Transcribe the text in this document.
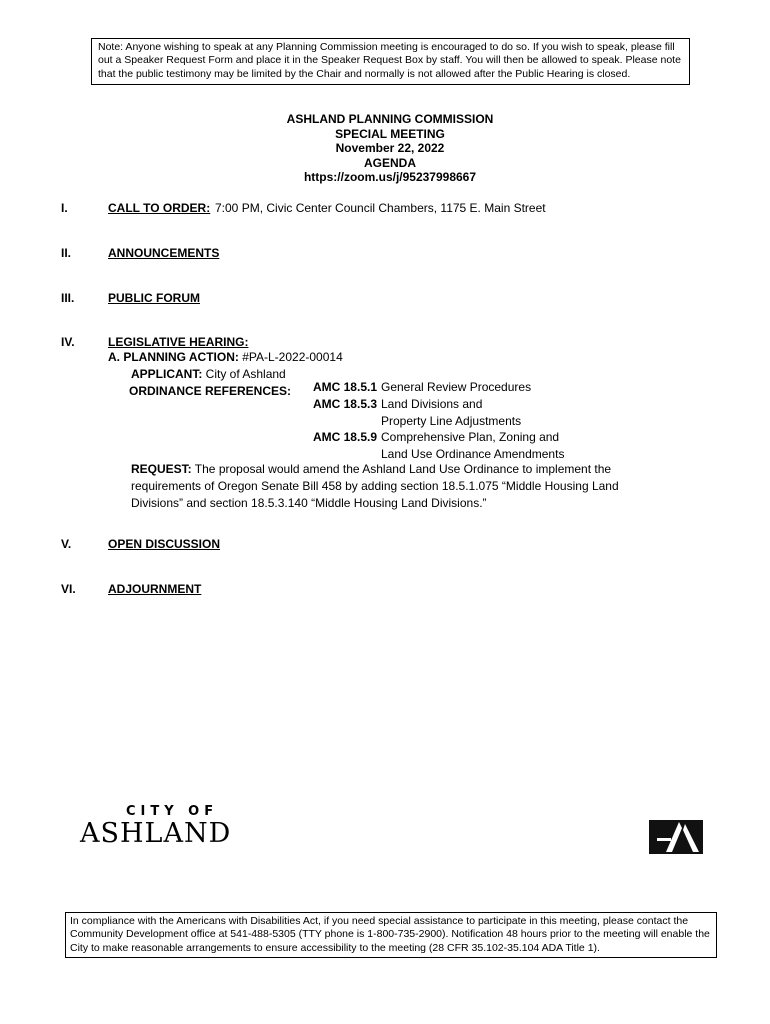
Note: Anyone wishing to speak at any Planning Commission meeting is encouraged to do so. If you wish to speak, please fill out a Speaker Request Form and place it in the Speaker Request Box by staff. You will then be allowed to speak. Please note that the public testimony may be limited by the Chair and normally is not allowed after the Public Hearing is closed.
ASHLAND PLANNING COMMISSION
SPECIAL MEETING
November 22, 2022
AGENDA
https://zoom.us/j/95237998667
I.	CALL TO ORDER: 7:00 PM, Civic Center Council Chambers, 1175 E. Main Street
II.	ANNOUNCEMENTS
III.	PUBLIC FORUM
IV.	LEGISLATIVE HEARING:
A. PLANNING ACTION: #PA-L-2022-00014
APPLICANT: City of Ashland
ORDINANCE REFERENCES:	AMC 18.5.1 General Review Procedures
AMC 18.5.3 Land Divisions and
Property Line Adjustments
AMC 18.5.9 Comprehensive Plan, Zoning and
Land Use Ordinance Amendments
REQUEST: The proposal would amend the Ashland Land Use Ordinance to implement the requirements of Oregon Senate Bill 458 by adding section 18.5.1.075 “Middle Housing Land Divisions” and section 18.5.3.140 “Middle Housing Land Divisions.”
V.	OPEN DISCUSSION
VI.	ADJOURNMENT
CITY OF
ASHLAND
In compliance with the Americans with Disabilities Act, if you need special assistance to participate in this meeting, please contact the Community Development office at 541-488-5305 (TTY phone is 1-800-735-2900). Notification 48 hours prior to the meeting will enable the City to make reasonable arrangements to ensure accessibility to the meeting (28 CFR 35.102-35.104 ADA Title 1).
